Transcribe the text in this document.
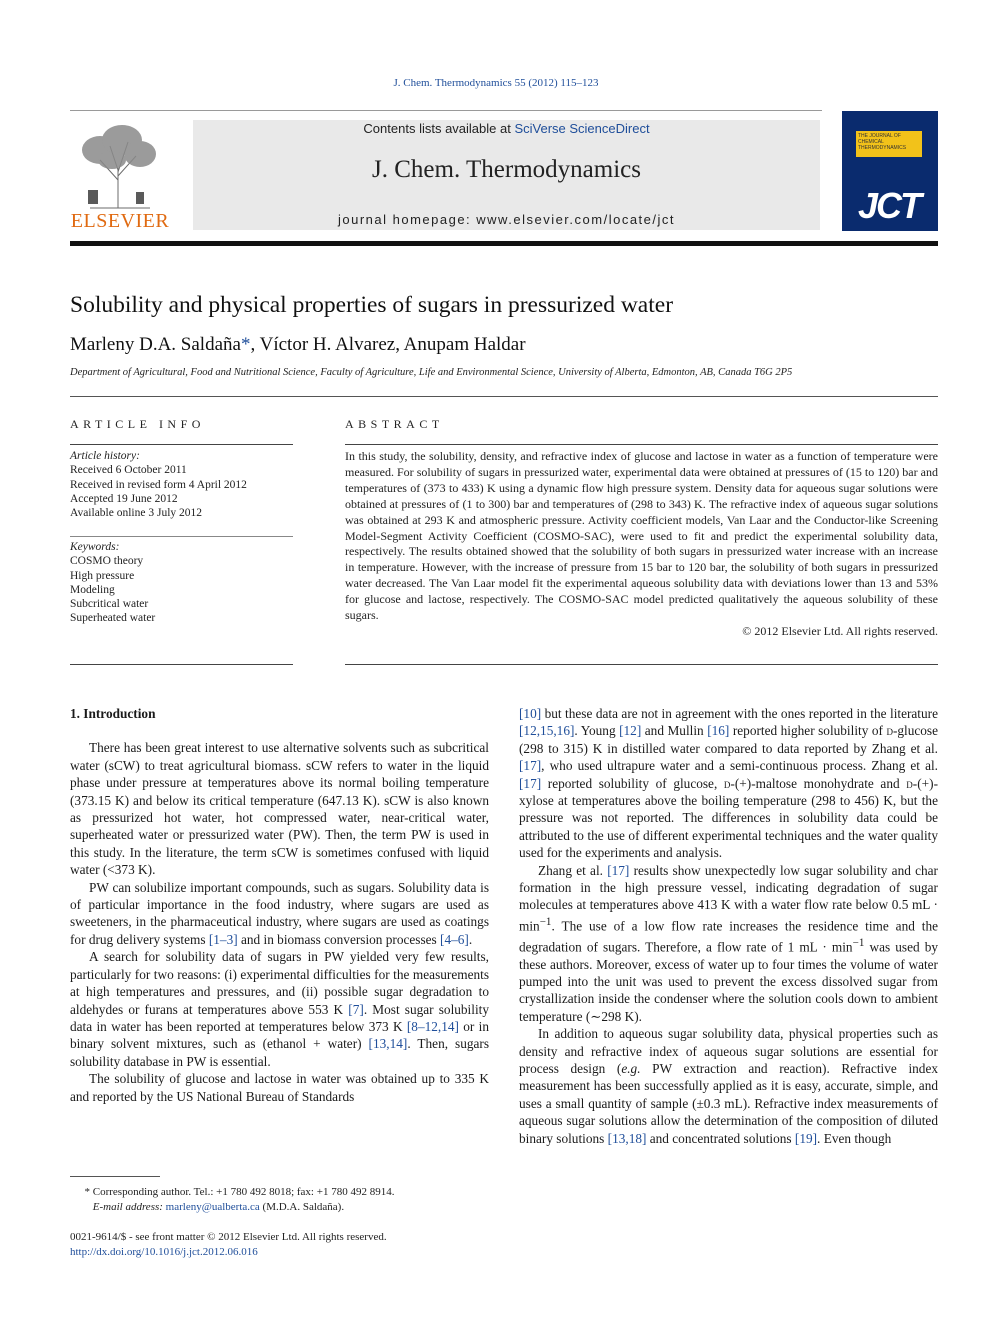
J. Chem. Thermodynamics 55 (2012) 115–123
ELSEVIER
Contents lists available at SciVerse ScienceDirect
J. Chem. Thermodynamics
journal homepage: www.elsevier.com/locate/jct
THE JOURNAL OF CHEMICAL THERMODYNAMICS
JCT
Solubility and physical properties of sugars in pressurized water
Marleny D.A. Saldaña*, Víctor H. Alvarez, Anupam Haldar
Department of Agricultural, Food and Nutritional Science, Faculty of Agriculture, Life and Environmental Science, University of Alberta, Edmonton, AB, Canada T6G 2P5
ARTICLE INFO
Article history:
Received 6 October 2011
Received in revised form 4 April 2012
Accepted 19 June 2012
Available online 3 July 2012
Keywords:
COSMO theory
High pressure
Modeling
Subcritical water
Superheated water
ABSTRACT

In this study, the solubility, density, and refractive index of glucose and lactose in water as a function of temperature were measured. For solubility of sugars in pressurized water, experimental data were obtained at pressures of (15 to 120) bar and temperatures of (373 to 433) K using a dynamic flow high pressure system. Density data for aqueous sugar solutions were obtained at pressures of (1 to 300) bar and temperatures of (298 to 343) K. The refractive index of aqueous sugar solutions was obtained at 293 K and atmospheric pressure. Activity coefficient models, Van Laar and the Conductor-like Screening Model-Segment Activity Coefficient (COSMO-SAC), were used to fit and predict the experimental solubility data, respectively. The results obtained showed that the solubility of both sugars in pressurized water increase with an increase in temperature. However, with the increase of pressure from 15 bar to 120 bar, the solubility of both sugars in pressurized water decreased. The Van Laar model fit the experimental aqueous solubility data with deviations lower than 13 and 53% for glucose and lactose, respectively. The COSMO-SAC model predicted qualitatively the aqueous solubility of these sugars.

© 2012 Elsevier Ltd. All rights reserved.

1. Introduction

There has been great interest to use alternative solvents such as subcritical water (sCW) to treat agricultural biomass. sCW refers to water in the liquid phase under pressure at temperatures above its normal boiling temperature (373.15 K) and below its critical temperature (647.13 K). sCW is also known as pressurized hot water, hot compressed water, near-critical water, superheated water or pressurized water (PW). Then, the term PW is used in this study. In the literature, the term sCW is sometimes confused with liquid water (<373 K).

PW can solubilize important compounds, such as sugars. Solubility data is of particular importance in the food industry, where sugars are used as sweeteners, in the pharmaceutical industry, where sugars are used as coatings for drug delivery systems [1–3] and in biomass conversion processes [4–6].

A search for solubility data of sugars in PW yielded very few results, particularly for two reasons: (i) experimental difficulties for the measurements at high temperatures and pressures, and (ii) possible sugar degradation to aldehydes or furans at temperatures above 553 K [7]. Most sugar solubility data in water has been reported at temperatures below 373 K [8–12,14] or in binary solvent mixtures, such as (ethanol + water) [13,14]. Then, sugars solubility database in PW is essential.

The solubility of glucose and lactose in water was obtained up to 335 K and reported by the US National Bureau of Standards

* Corresponding author. Tel.: +1 780 492 8018; fax: +1 780 492 8914.
E-mail address: marleny@ualberta.ca (M.D.A. Saldaña).
0021-9614/$ - see front matter © 2012 Elsevier Ltd. All rights reserved.
http://dx.doi.org/10.1016/j.jct.2012.06.016

[10] but these data are not in agreement with the ones reported in the literature [12,15,16]. Young [12] and Mullin [16] reported higher solubility of d-glucose (298 to 315) K in distilled water compared to data reported by Zhang et al. [17], who used ultrapure water and a semi-continuous process. Zhang et al. [17] reported solubility of glucose, d-(+)-maltose monohydrate and d-(+)-xylose at temperatures above the boiling temperature (298 to 456) K, but the pressure was not reported. The differences in solubility data could be attributed to the use of different experimental techniques and the water quality used for the experiments and analysis.

Zhang et al. [17] results show unexpectedly low sugar solubility and char formation in the high pressure vessel, indicating degradation of sugar molecules at temperatures above 413 K with a water flow rate below 0.5 mL · $\min^{-1}$. The use of a low flow rate increases the residence time and the degradation of sugars. Therefore, a flow rate of 1 mL · $\min^{-1}$ was used by these authors. Moreover, excess of water up to four times the volume of water pumped into the unit was used to prevent the excess dissolved sugar from crystallization inside the condenser where the solution cools down to ambient temperature (∼298 K).

In addition to aqueous sugar solubility data, physical properties such as density and refractive index of aqueous sugar solutions are essential for process design (e.g. PW extraction and reaction). Refractive index measurement has been successfully applied as it is easy, accurate, simple, and uses a small quantity of sample (±0.3 mL). Refractive index measurements of aqueous sugar solutions allow the determination of the composition of diluted binary solutions [13,18] and concentrated solutions [19]. Even though
